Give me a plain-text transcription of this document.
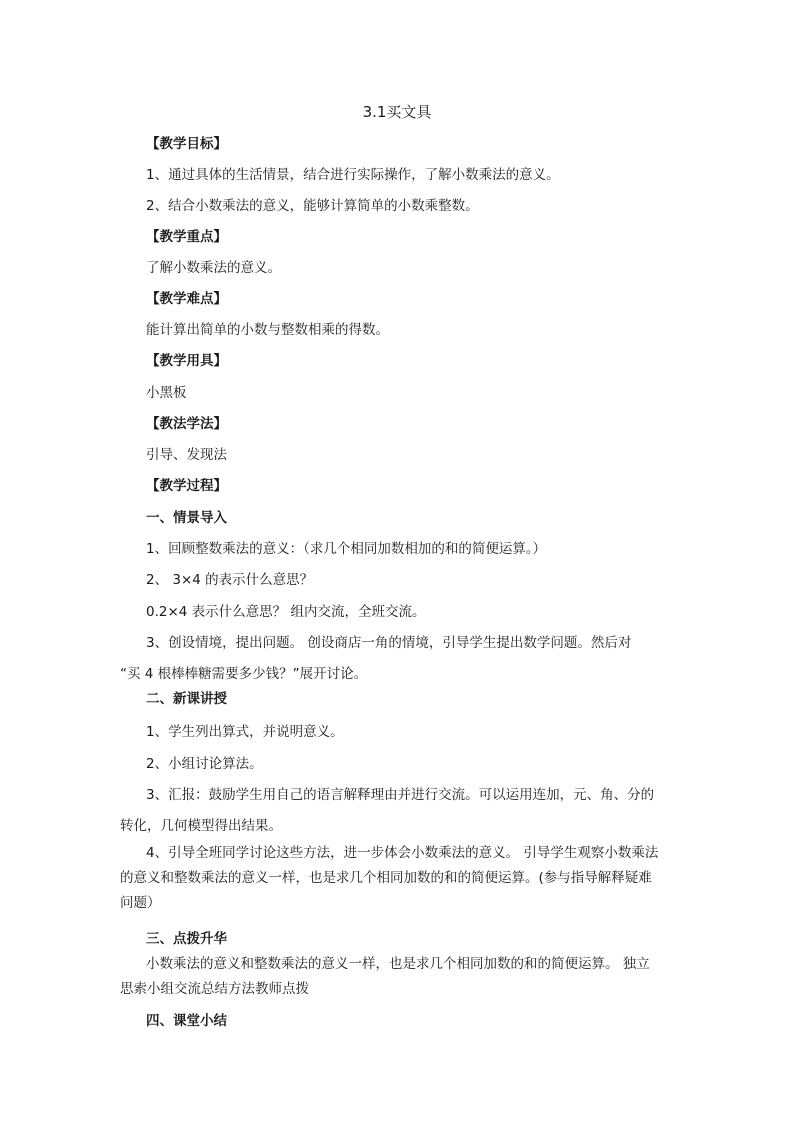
3.1买文具
【教学目标】
1、通过具体的生活情景，结合进行实际操作，了解小数乘法的意义。
2、结合小数乘法的意义，能够计算简单的小数乘整数。
【教学重点】
了解小数乘法的意义。
【教学难点】
能计算出简单的小数与整数相乘的得数。
【教学用具】
小黑板
【教法学法】
引导、发现法
【教学过程】
一、情景导入
1、回顾整数乘法的意义：（求几个相同加数相加的和的简便运算。）
2、 3×4 的表示什么意思？
0.2×4 表示什么意思？ 组内交流，全班交流。
3、创设情境，提出问题。 创设商店一角的情境，引导学生提出数学问题。然后对
“买 4 根棒棒糖需要多少钱？”展开讨论。
二、新课讲授
1、学生列出算式，并说明意义。
2、小组讨论算法。
3、汇报：鼓励学生用自己的语言解释理由并进行交流。可以运用连加，元、角、分的
转化，几何模型得出结果。
4、引导全班同学讨论这些方法，进一步体会小数乘法的意义。 引导学生观察小数乘法
的意义和整数乘法的意义一样，也是求几个相同加数的和的简便运算。(参与指导解释疑难
问题）
三、点拨升华
小数乘法的意义和整数乘法的意义一样，也是求几个相同加数的和的简便运算。 独立
思索小组交流总结方法教师点拨
四、课堂小结
